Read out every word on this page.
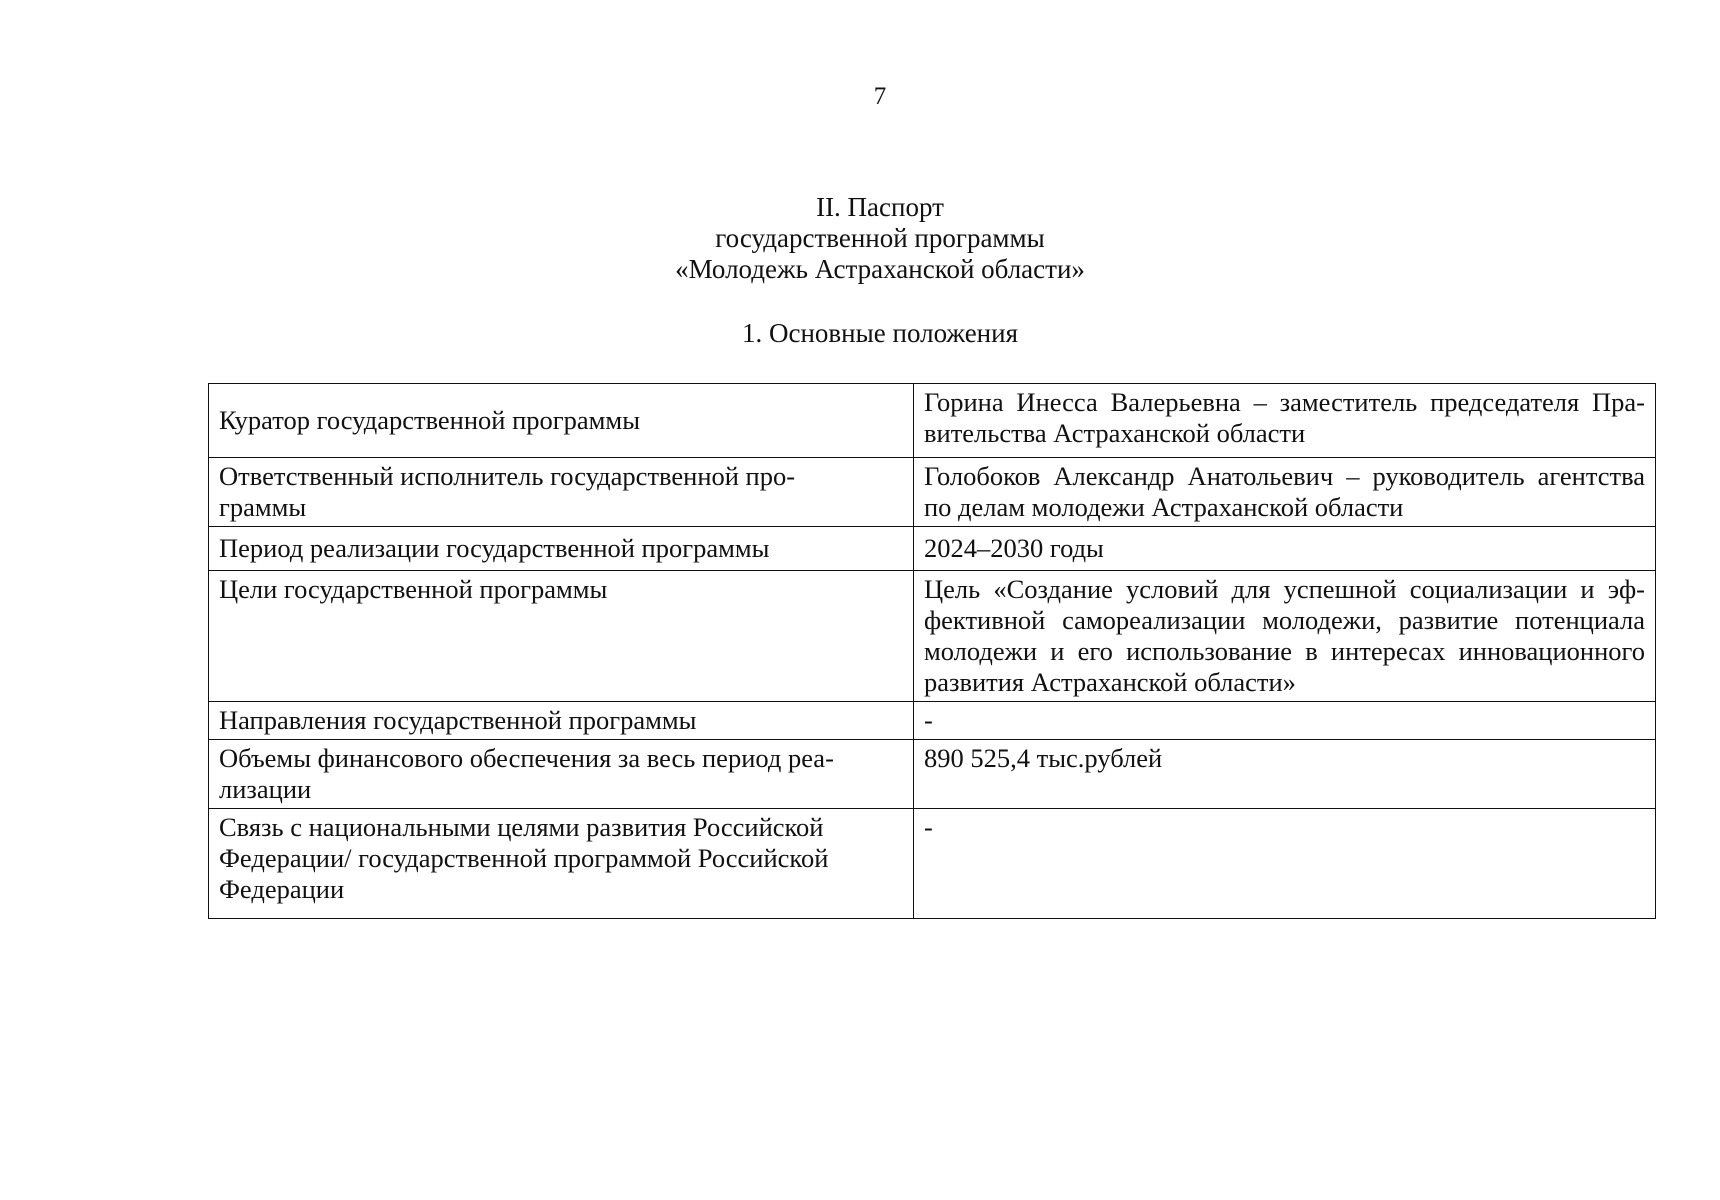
7
II. Паспорт
государственной программы
«Молодежь Астраханской области»
1. Основные положения
Куратор государственной программы	Горина Инесса Валерьевна – заместитель председателя Пра-
вительства Астраханской области

Ответственный исполнитель государственной про-
граммы	Голобоков Александр Анатольевич – руководитель агентства
по делам молодежи Астраханской области

Период реализации государственной программы	2024–2030 годы

Цели государственной программы	Цель «Создание условий для успешной социализации и эф-
фективной самореализации молодежи, развитие потенциала
молодежи и его использование в интересах инновационного
развития Астраханской области»

Направления государственной программы	-

Объемы финансового обеспечения за весь период реа-
лизации	890 525,4 тыс.рублей

Связь с национальными целями развития Российской
Федерации/ государственной программой Российской
Федерации	-
